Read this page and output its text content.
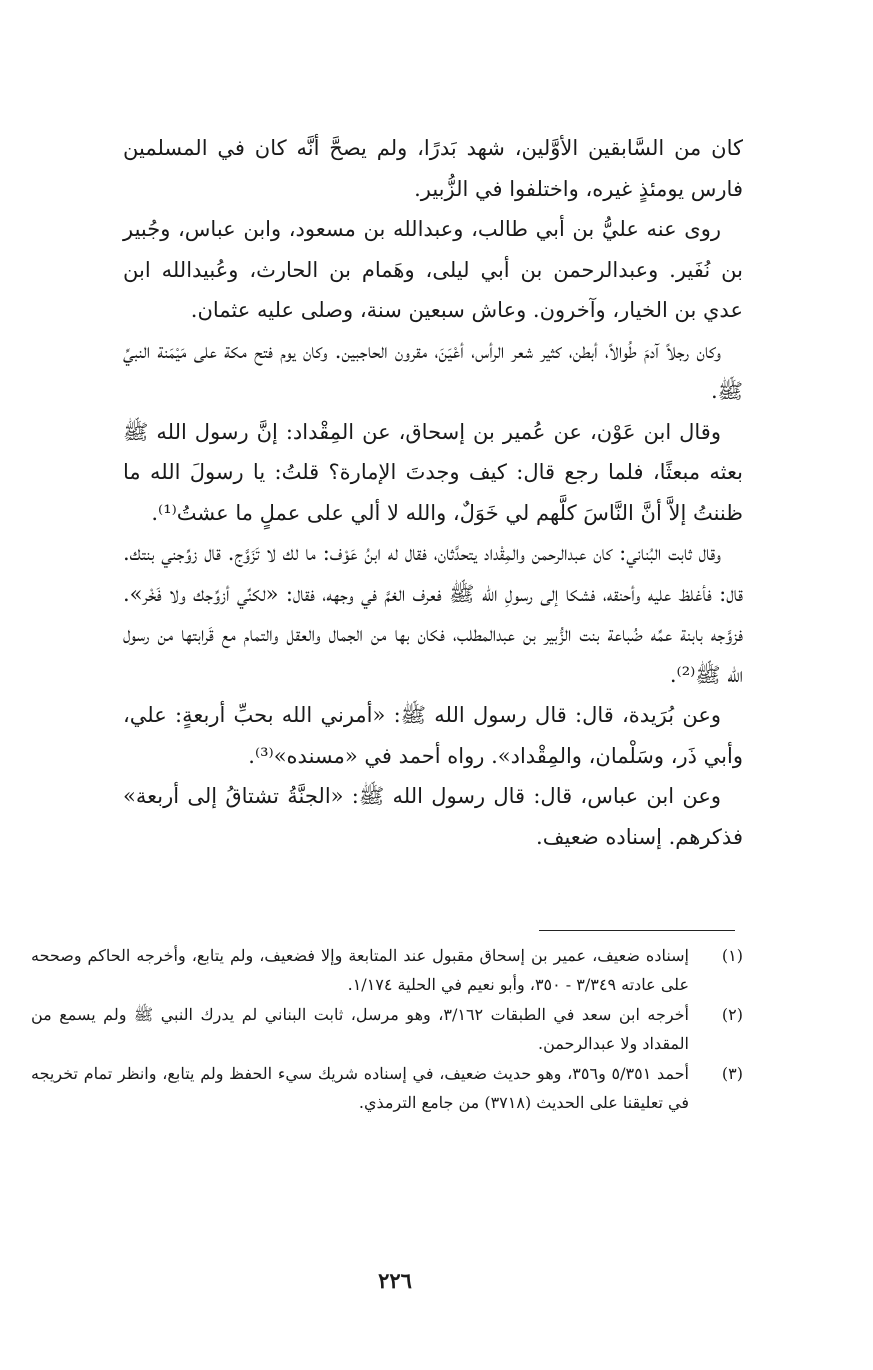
كان من السَّابقين الأوَّلين، شهد بَدرًا، ولم يصحَّ أنَّه كان في المسلمين فارس يومئذٍ غيره، واختلفوا في الزُّبير.

روى عنه عليُّ بن أبي طالب، وعبدالله بن مسعود، وابن عباس، وجُبير بن نُفَير. وعبدالرحمن بن أبي ليلى، وهَمام بن الحارث، وعُبيدالله ابن عدي بن الخيار، وآخرون. وعاش سبعين سنة، وصلى عليه عثمان.

وكان رجلاً آدمَ طُوالاً، أبطن، كثير شعر الرأس، أعْيَنَ، مقرون الحاجبين. وكان يوم فتح مكة على مَيْمَنة النبيِّ ﷺ.

وقال ابن عَوْن، عن عُمير بن إسحاق، عن المِقْداد: إنَّ رسول الله ﷺ بعثه مبعثًا، فلما رجع قال: كيف وجدتَ الإمارة؟ قلتُ: يا رسولَ الله ما ظننتُ إلاَّ أنَّ النَّاسَ كلَّهم لي خَوَلٌ، والله لا ألي على عملٍ ما عشتُ⁽¹⁾.

وقال ثابت البُناني: كان عبدالرحمن والمِقْداد يتحدَّثان، فقال له ابنُ عَوْف: ما لك لا تَزَوَّج. قال زوِّجني بنتك. قال: فأغلظ عليه وأحنقه، فشكا إلى رسولِ الله ﷺ فعرف الغمَّ في وجهه، فقال: «لكنِّي أزوِّجك ولا فَخْر». فزوَّجه بابنة عمِّه ضُباعة بنت الزُّبير بن عبدالمطلب، فكان بها من الجمال والعقل والتمام مع قَرابتها من رسول الله ﷺ⁽²⁾.

وعن بُرَيدة، قال: قال رسول الله ﷺ: «أمرني الله بحبِّ أربعةٍ: علي، وأبي ذَر، وسَلْمان، والمِقْداد». رواه أحمد في «مسنده»⁽³⁾.

وعن ابن عباس، قال: قال رسول الله ﷺ: «الجنَّةُ تشتاقُ إلى أربعة» فذكرهم. إسناده ضعيف.

(١)
إسناده ضعيف، عمير بن إسحاق مقبول عند المتابعة وإلا فضعيف، ولم يتابع، وأخرجه الحاكم وصححه على عادته ٣/٣٤٩ - ٣٥٠، وأبو نعيم في الحلية ١/١٧٤.
(٢)
أخرجه ابن سعد في الطبقات ٣/١٦٢، وهو مرسل، ثابت البناني لم يدرك النبي ﷺ ولم يسمع من المقداد ولا عبدالرحمن.
(٣)
أحمد ٥/٣٥١ و٣٥٦، وهو حديث ضعيف، في إسناده شريك سيء الحفظ ولم يتابع، وانظر تمام تخريجه في تعليقنا على الحديث (٣٧١٨) من جامع الترمذي.
٢٢٦
